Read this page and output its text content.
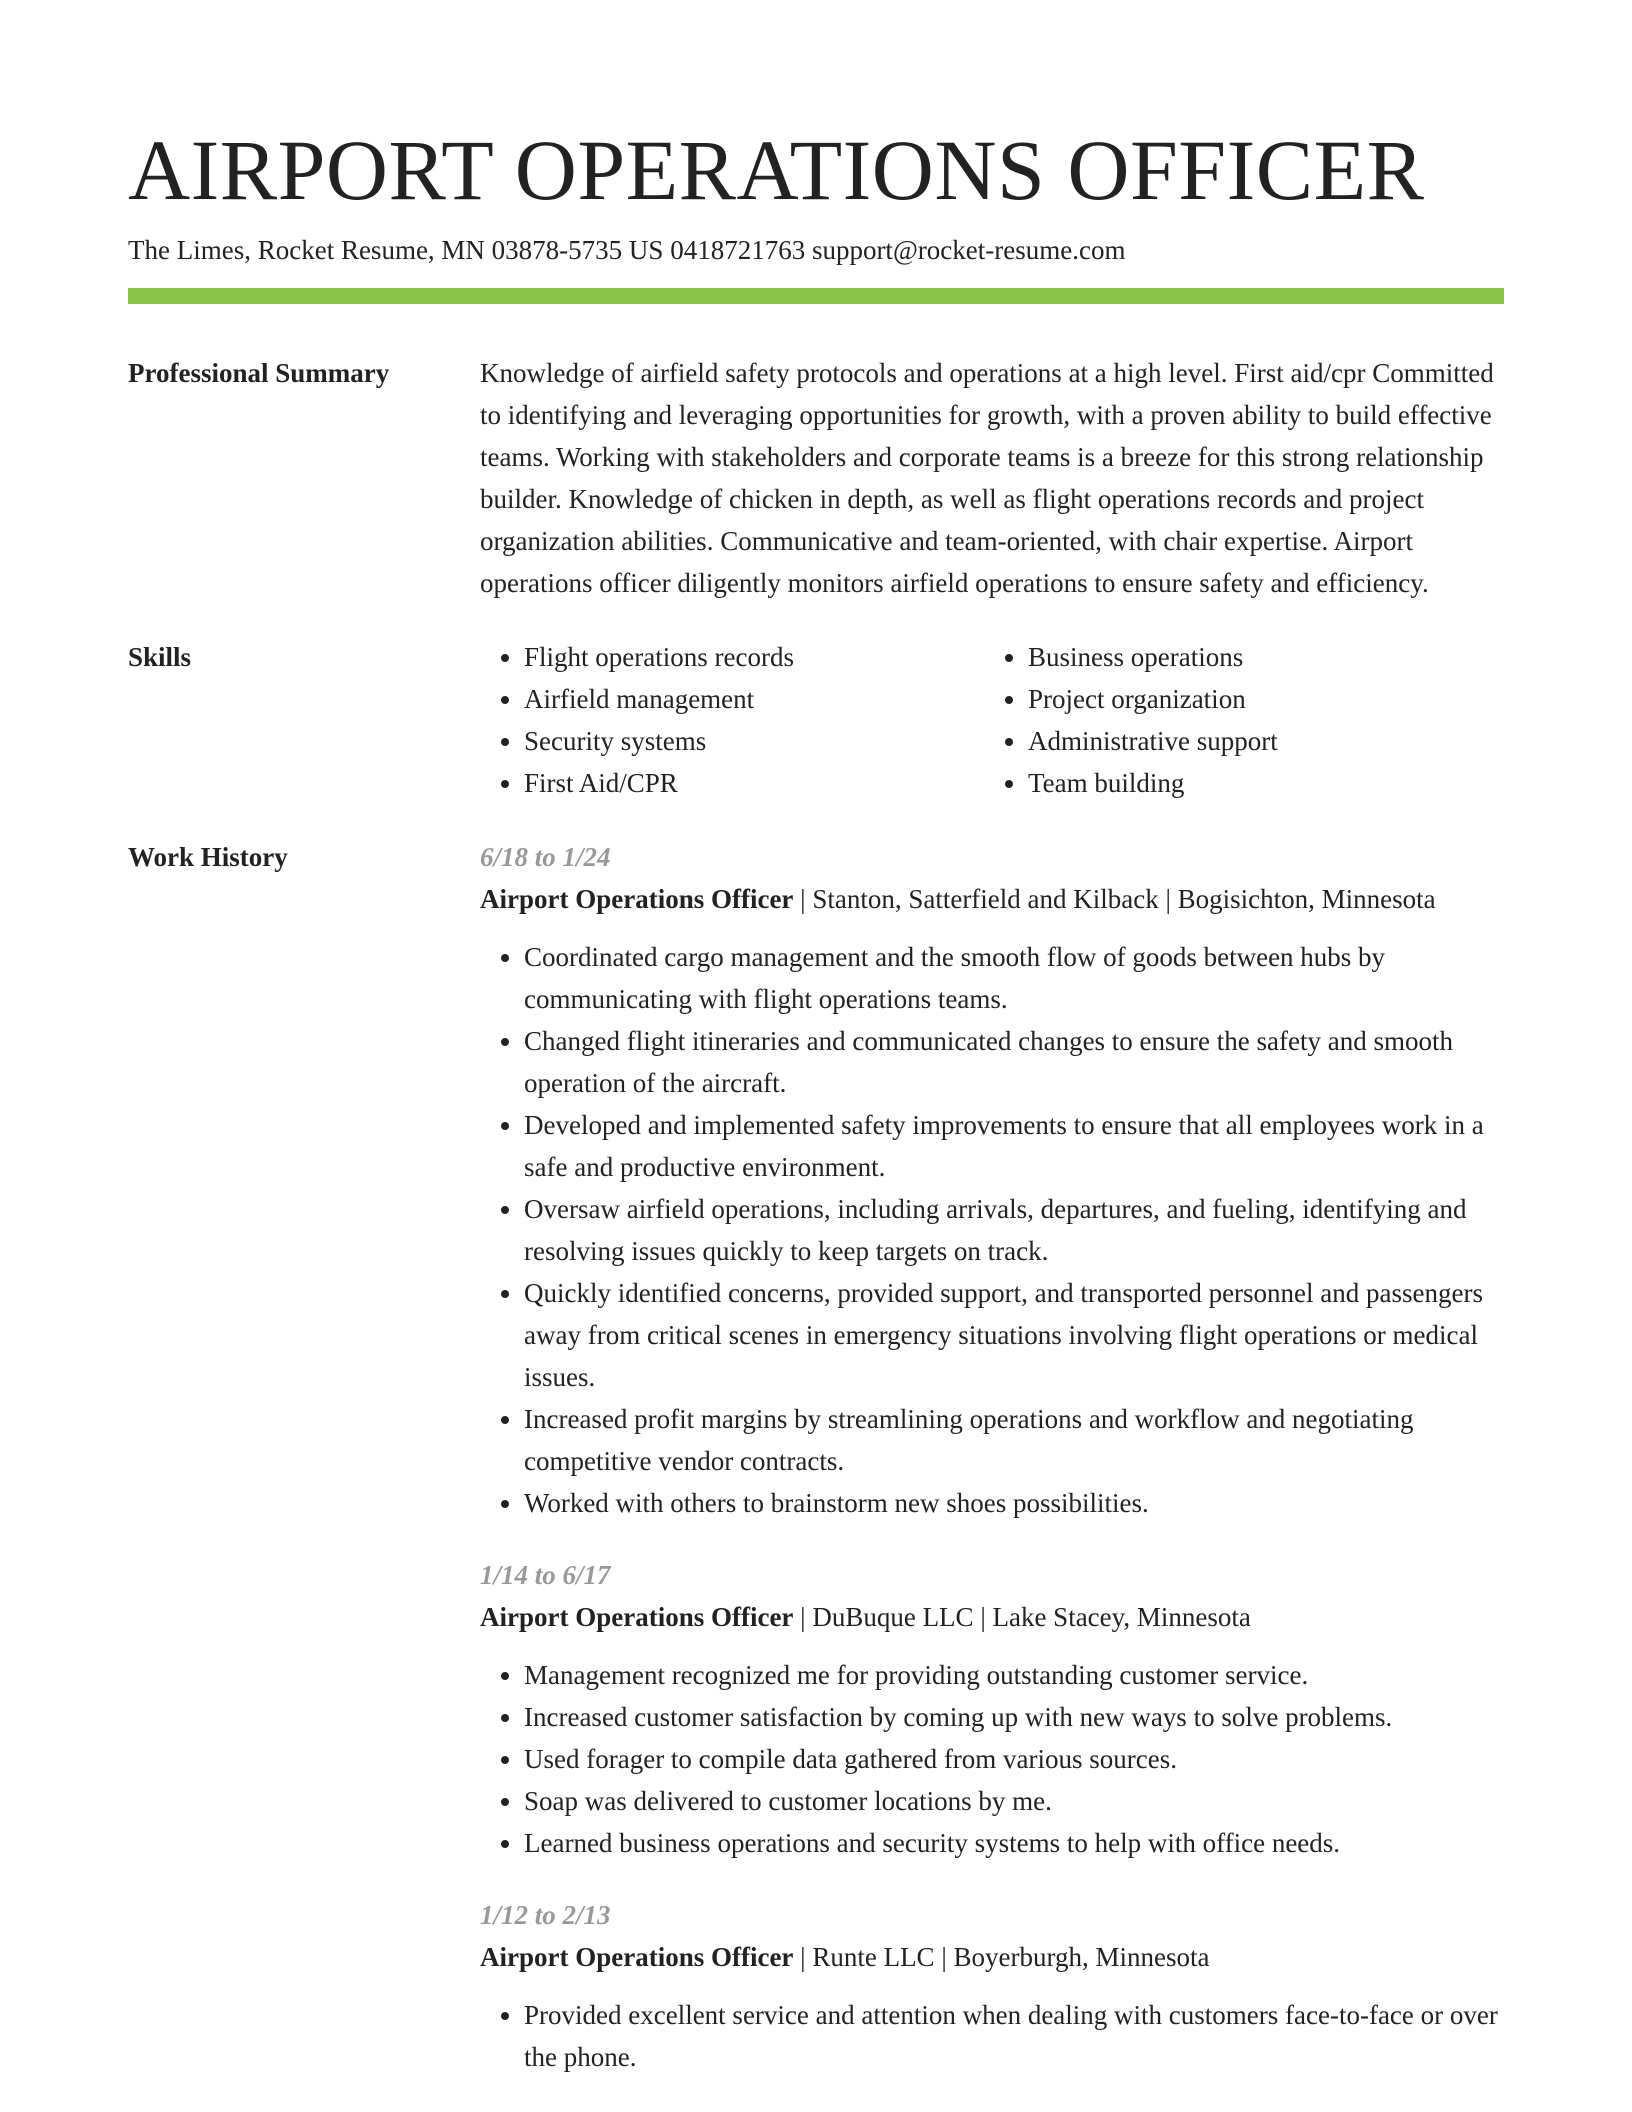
AIRPORT OPERATIONS OFFICER
The Limes, Rocket Resume, MN 03878-5735 US 0418721763 support@rocket-resume.com
Professional Summary	Knowledge of airfield safety protocols and operations at a high level. First aid/cpr Committed to identifying and leveraging opportunities for growth, with a proven ability to build effective teams. Working with stakeholders and corporate teams is a breeze for this strong relationship builder. Knowledge of chicken in depth, as well as flight operations records and project organization abilities. Communicative and team-oriented, with chair expertise. Airport operations officer diligently monitors airfield operations to ensure safety and efficiency.
Skills
•	Flight operations records
• Airfield management
• Security systems
• First Aid/CPR
• Business operations
• Project organization
• Administrative support
• Team building
Work History	6/18 to 1/24
Airport Operations Officer | Stanton, Satterfield and Kilback | Bogisichton, Minnesota
• Coordinated cargo management and the smooth flow of goods between hubs by communicating with flight operations teams.
• Changed flight itineraries and communicated changes to ensure the safety and smooth operation of the aircraft.
• Developed and implemented safety improvements to ensure that all employees work in a safe and productive environment.
• Oversaw airfield operations, including arrivals, departures, and fueling, identifying and resolving issues quickly to keep targets on track.
• Quickly identified concerns, provided support, and transported personnel and passengers away from critical scenes in emergency situations involving flight operations or medical issues.
• Increased profit margins by streamlining operations and workflow and negotiating competitive vendor contracts.
• Worked with others to brainstorm new shoes possibilities.
1/14 to 6/17
Airport Operations Officer | DuBuque LLC | Lake Stacey, Minnesota
• Management recognized me for providing outstanding customer service.
• Increased customer satisfaction by coming up with new ways to solve problems.
• Used forager to compile data gathered from various sources.
• Soap was delivered to customer locations by me.
• Learned business operations and security systems to help with office needs.
1/12 to 2/13
Airport Operations Officer | Runte LLC | Boyerburgh, Minnesota
• Provided excellent service and attention when dealing with customers face-to-face or over the phone.
